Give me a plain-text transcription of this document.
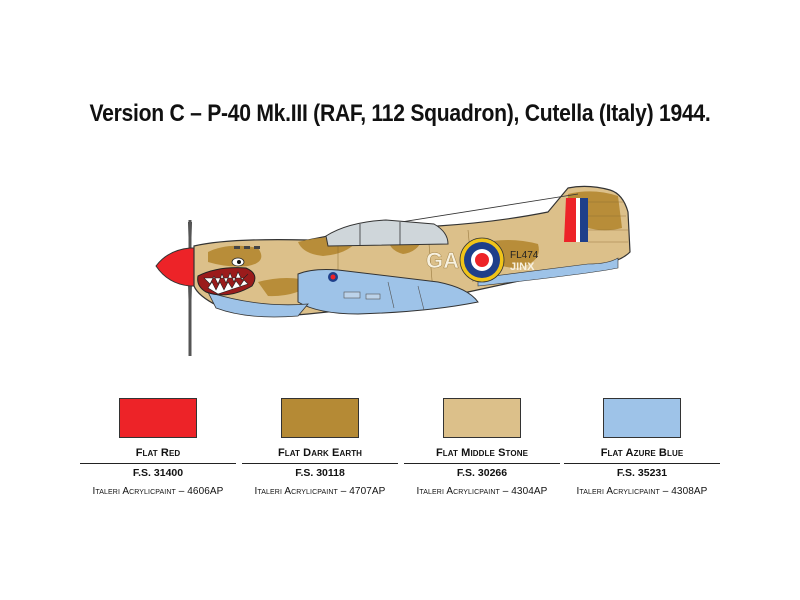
Version C – P-40 Mk.III (RAF, 112 Squadron), Cutella (Italy) 1944.
GA	FL474
JINX
Flat Red
F.S. 31400
Italeri Acrylicpaint – 4606AP
Flat Dark Earth
F.S. 30118
Italeri Acrylicpaint – 4707AP
Flat Middle Stone
F.S. 30266
Italeri Acrylicpaint – 4304AP
Flat Azure Blue
F.S. 35231
Italeri Acrylicpaint – 4308AP
